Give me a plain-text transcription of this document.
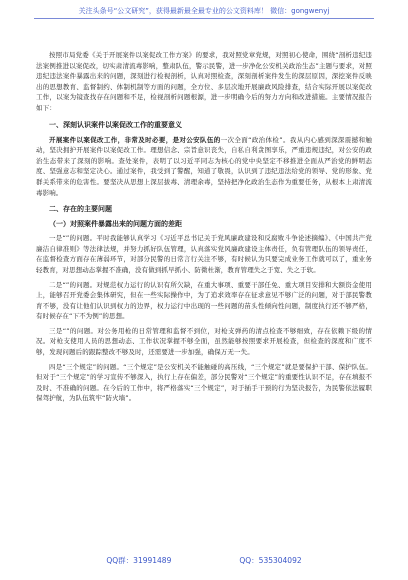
关注头条号“公文研究”，获得最新最全最专业的公文资料库！ 微信：gongwenyj

按照市局党委《关于开展案件以案促改工作方案》的要求，我对照党章党规，对照初心使命，围绕“剖析违纪违法案例推进以案促改，切实肃清流毒影响，整肃队伍，警示民警，进一步净化公安机关政治生态”主题与要求，对照违纪违法案件暴露出来的问题，深刻进行检视剖析，认真对照检查，深刻剖析案件发生的深层原因，深挖案件反映出的思想教育、监督制约、体制机制等方面的问题，全方位、多层次地开展廉政风险排查，结合实际开展以案促改工作，以案为镜查找存在问题和不足，检视剖析问题根源，进一步明确今后的努力方向和改进措施。主要情况报告如下：

一、深刻认识案件以案促改工作的重要意义

开展案件以案促改工作，非常及时必要，是对公安队伍的一次全面“政治体检”。我从内心感到深深震撼和触动，坚决拥护开展案件以案促改工作。理想信念、宗旨意识丧失，自私自利贪图享乐，严重违规违纪，对公安的政治生态带来了深刻的影响。查处案件，表明了以习近平同志为核心的党中央坚定不移推进全面从严治党的鲜明态度、坚强意志和坚定决心。通过案件，我受到了警醒，知道了敬畏，认识到了违纪违法给党的领导、党的形象、党群关系带来的危害性。要坚决从思想上深层拔毒、清理余毒，坚持把净化政治生态作为重要任务，从根本上肃清流毒影响。

二、存在的主要问题
（一）对照案件暴露出来的问题方面的差距

一是“”的问题。平时我能够认真学习《习近平总书记关于党风廉政建设和反腐败斗争论述摘编》、《中国共产党廉洁自律准则》等法律法规，并努力抓好队伍管理，认真落实党风廉政建设主体责任，负有管理队伍的领导责任，在监督检查方面存在薄弱环节，对部分民警的日常言行关注不够，有时候认为只要完成业务工作就可以了，重业务轻教育，对思想动态掌握不准确，没有做到抓早抓小、防微杜渐，教育管理失之于宽、失之于软。

二是“”的问题。对规范权力运行的认识有所欠缺，在重大事项、重要干部任免、重大项目安排和大额资金使用上，能够召开党委会集体研究，但在一些实际操作中，为了追求效率存在征求意见不够广泛的问题，对于部民警教育不够，没有让他们认识到权力的边界，权力运行中出现的一些问题的苗头性倾向性问题，制度执行还不够严格，有时候存在“下不为例”的思想。

三是“”的问题。对公务用枪的日常管理和监督不到位，对枪支弹药的清点检查不够细致，存在依赖下级的情况。对枪支使用人员的思想动态、工作状况掌握不够全面，虽然能够按照要求开展检查，但检查的深度和广度不够，发现问题后的跟踪整改不够及时，还需要进一步加强，确保万无一失。

四是“三个规定”的问题。“三个规定”是公安机关不能触碰的高压线，“三个规定”就是要保护干部、保护队伍。但对于“三个规定”的学习宣传不够深入，执行上存在偏差，部分民警对“三个规定”的重要性认识不足，存在填报不及时、不准确的问题。在今后的工作中，将严格落实“三个规定”，对于插手干预的行为坚决报告，为民警依法履职保驾护航，为队伍筑牢“防火墙”。

QQ群：31991489	QQ：535304092
